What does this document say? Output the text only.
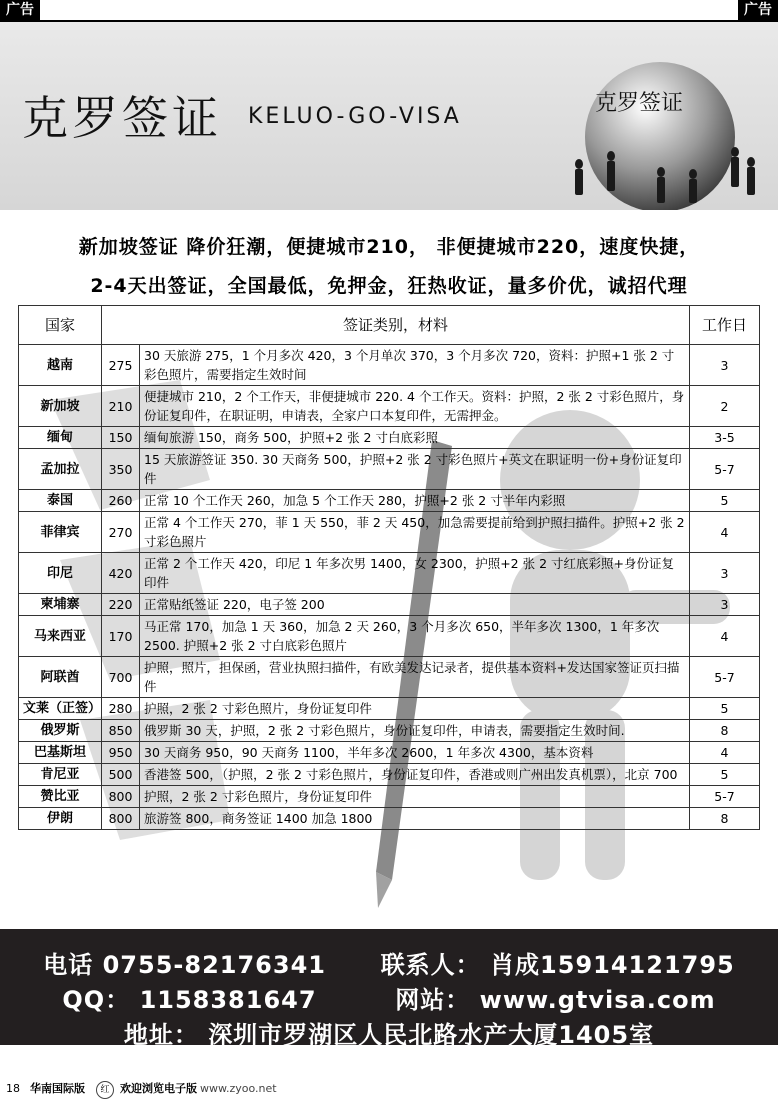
广告	广告
克罗签证 KELUO-GO-VISA
克罗签证
新加坡签证 降价狂潮，便捷城市210， 非便捷城市220，速度快捷，
2-4天出签证，全国最低，免押金，狂热收证，量多价优，诚招代理
国家	签证类别，材料		工作日

越南	275	30 天旅游 275，1 个月多次 420，3 个月单次 370，3 个月多次 720，资料：护照+1 张 2 寸彩色照片，需要指定生效时间	3
新加坡	210	便捷城市 210，2 个工作天，非便捷城市 220. 4 个工作天。资料：护照，2 张 2 寸彩色照片，身份证复印件，在职证明，申请表，全家户口本复印件，无需押金。	2
缅甸	150	缅甸旅游 150，商务 500，护照+2 张 2 寸白底彩照	3-5
孟加拉	350	15 天旅游签证 350. 30 天商务 500，护照+2 张 2 寸彩色照片+英文在职证明一份+身份证复印件	5-7
泰国	260	正常 10 个工作天 260，加急 5 个工作天 280，护照+2 张 2 寸半年内彩照	5
菲律宾	270	正常 4 个工作天 270，菲 1 天 550，菲 2 天 450，加急需要提前给到护照扫描件。护照+2 张 2 寸彩色照片	4
印尼	420	正常 2 个工作天 420，印尼 1 年多次男 1400，女 2300，护照+2 张 2 寸红底彩照+身份证复印件	3
柬埔寨	220	正常贴纸签证 220，电子签 200	3
马来西亚	170	马正常 170，加急 1 天 360，加急 2 天 260，3 个月多次 650，半年多次 1300，1 年多次 2500. 护照+2 张 2 寸白底彩色照片	4
阿联酋	700	护照，照片，担保函，营业执照扫描件，有欧美发达记录者，提供基本资料+发达国家签证页扫描件	5-7
文莱（正签）	280	护照，2 张 2 寸彩色照片，身份证复印件	5
俄罗斯	850	俄罗斯 30 天，护照，2 张 2 寸彩色照片，身份证复印件，申请表，需要指定生效时间.	8
巴基斯坦	950	30 天商务 950，90 天商务 1100，半年多次 2600，1 年多次 4300，基本资料	4
肯尼亚	500	香港签 500，（护照，2 张 2 寸彩色照片，身份证复印件，香港或则广州出发真机票），北京 700	5
赞比亚	800	护照，2 张 2 寸彩色照片，身份证复印件	5-7
伊朗	800	旅游签 800，商务签证 1400 加急 1800	8
电话 0755-82176341 联系人： 肖成15914121795
QQ： 1158381647	网站： www.gtvisa.com
地址： 深圳市罗湖区人民北路水产大厦1405室
18 华南国际版	红 欢迎浏览电子版 www.zyoo.net
